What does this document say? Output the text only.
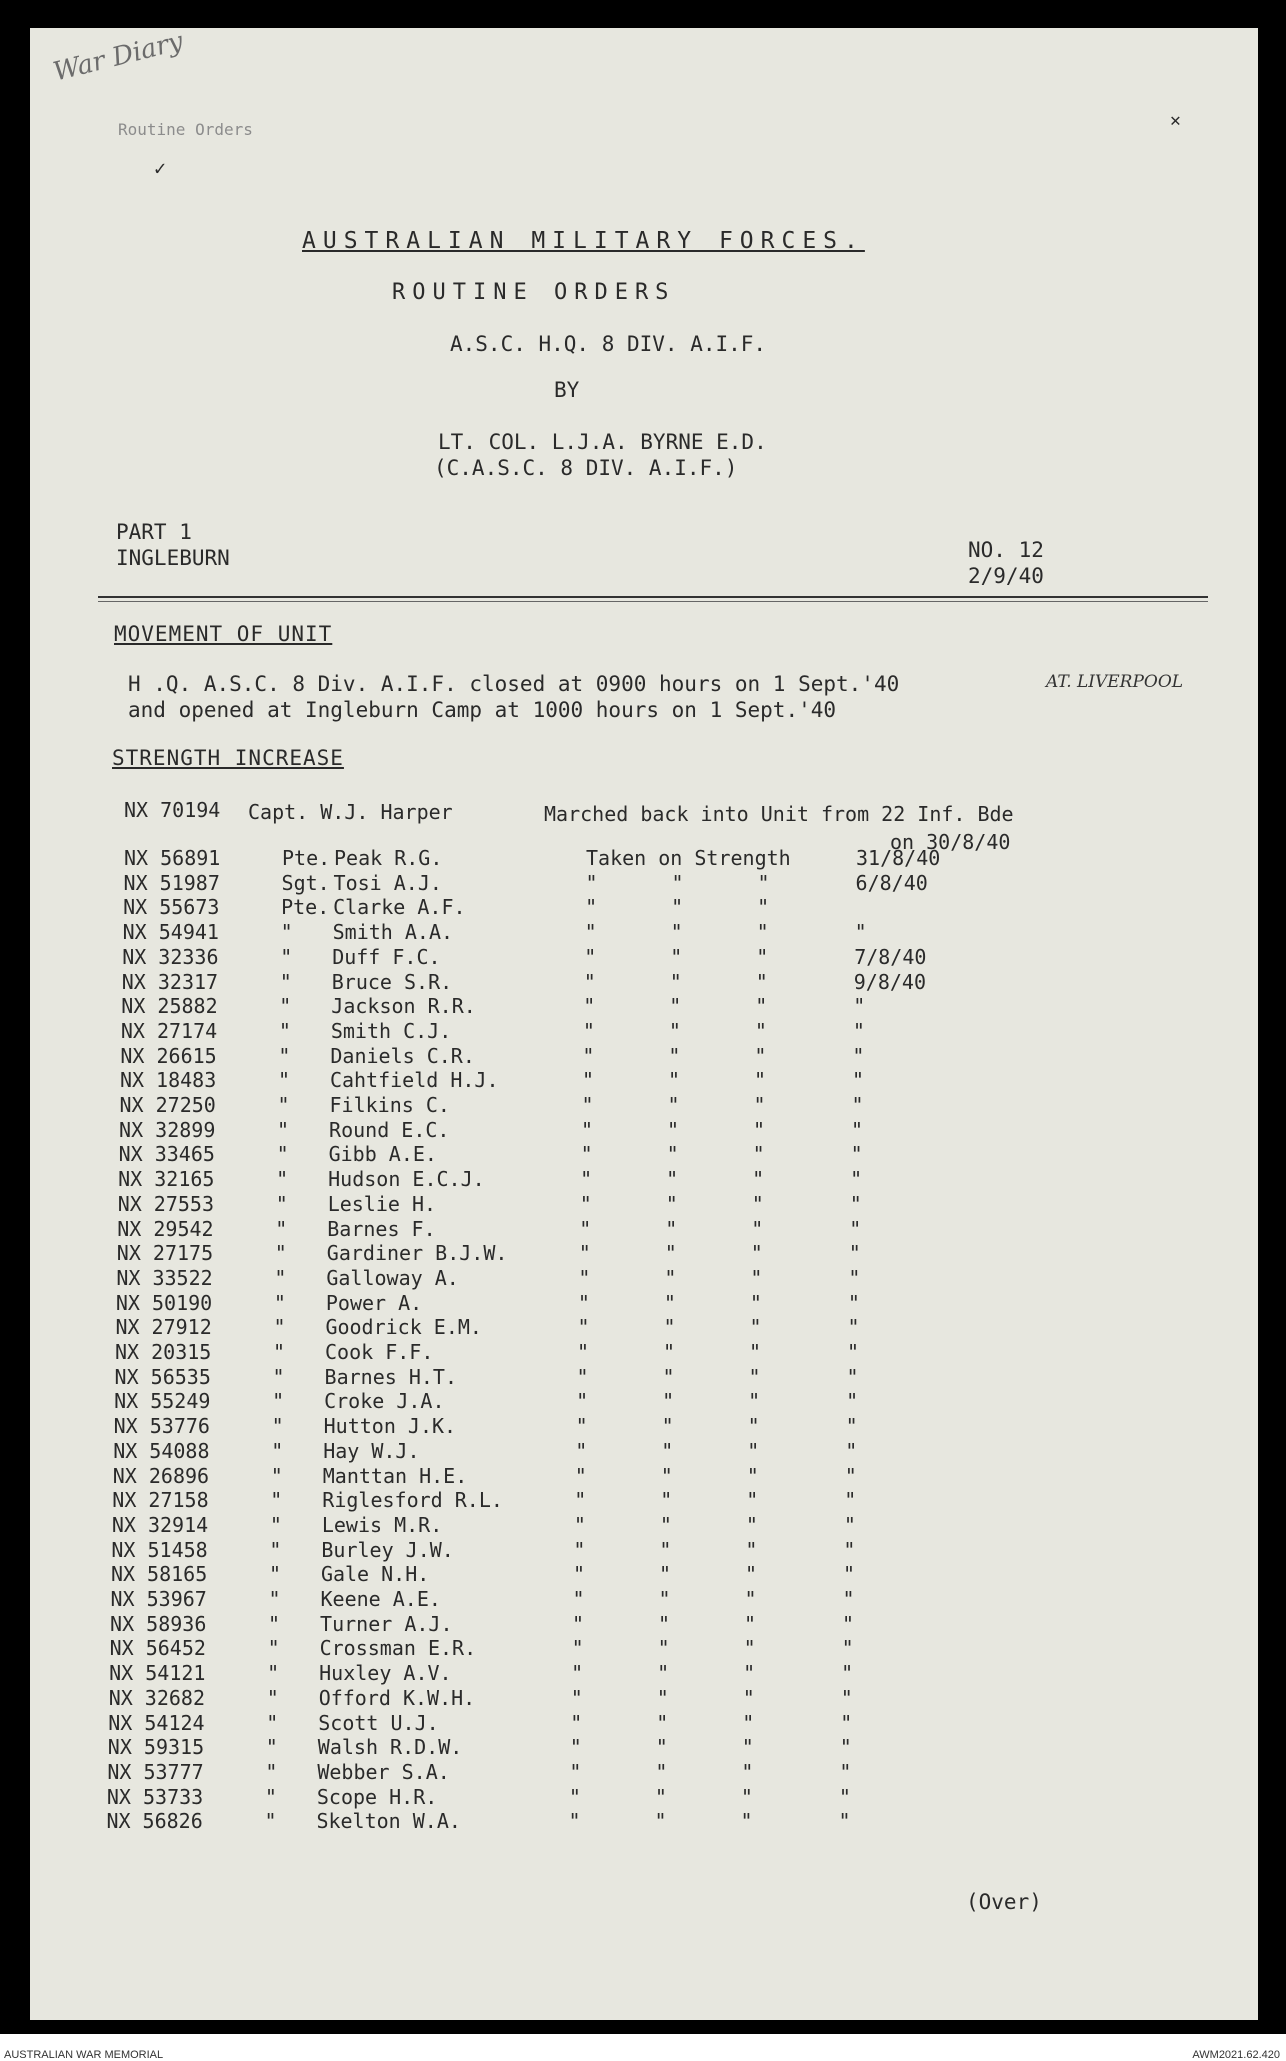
War Diary
Routine Orders	✕
✓
AUSTRALIAN MILITARY FORCES.
ROUTINE ORDERS
A.S.C. H.Q. 8 DIV. A.I.F.
BY
LT. COL. L.J.A. BYRNE E.D.
(C.A.S.C. 8 DIV. A.I.F.)
PART 1
INGLEBURN	NO. 12
2/9/40
MOVEMENT OF UNIT
H .Q. A.S.C. 8 Div. A.I.F. closed at 0900 hours on 1 Sept.'40	AT. LIVERPOOL
and opened at Ingleburn Camp at 1000 hours on 1 Sept.'40
STRENGTH INCREASE
NX 70194 Capt. W.J. Harper	Marched back into Unit from 22 Inf. Bde
on 30/8/40
NX 56891	Pte. Peak R.G.	Taken on Strength	31/8/40
NX 51987	Sgt. Tosi A.J.	"	"	"	6/8/40
NX 55673	Pte. Clarke A.F.	"	"	"
NX 54941	" Smith A.A.	"	"	"	"
NX 32336	" Duff F.C.	"	"	"	7/8/40
NX 32317	" Bruce S.R.	"	"	"	9/8/40
NX 25882	" Jackson R.R.	"	"	"	"
NX 27174	" Smith C.J.	"	"	"	"
NX 26615	" Daniels C.R.	"	"	"	"
NX 18483	" Cahtfield H.J.	"	"	"	"
NX 27250	" Filkins C.	"	"	"	"
NX 32899	" Round E.C.	"	"	"	"
NX 33465	" Gibb A.E.	"	"	"	"
NX 32165	" Hudson E.C.J.	"	"	"	"
NX 27553	" Leslie H.	"	"	"	"
NX 29542	" Barnes F.	"	"	"	"
NX 27175	" Gardiner B.J.W.	"	"	"	"
NX 33522	" Galloway A.	"	"	"	"
NX 50190	" Power A.	"	"	"	"
NX 27912	" Goodrick E.M.	"	"	"	"
NX 20315	" Cook F.F.	"	"	"	"
NX 56535	" Barnes H.T.	"	"	"	"
NX 55249	" Croke J.A.	"	"	"	"
NX 53776	" Hutton J.K.	"	"	"	"
NX 54088	" Hay W.J.	"	"	"	"
NX 26896	" Manttan H.E.	"	"	"	"
NX 27158	" Riglesford R.L.	"	"	"	"
NX 32914	" Lewis M.R.	"	"	"	"
NX 51458	" Burley J.W.	"	"	"	"
NX 58165	" Gale N.H.	"	"	"	"
NX 53967	" Keene A.E.	"	"	"	"
NX 58936	" Turner A.J.	"	"	"	"
NX 56452	" Crossman E.R.	"	"	"	"
NX 54121	" Huxley A.V.	"	"	"	"
NX 32682	" Offord K.W.H.	"	"	"	"
NX 54124	" Scott U.J.	"	"	"	"
NX 59315	" Walsh R.D.W.	"	"	"	"
NX 53777	" Webber S.A.	"	"	"	"
NX 53733	" Scope H.R.	"	"	"	"
NX 56826	" Skelton W.A.	"	"	"	"
(Over)
AUSTRALIAN WAR MEMORIAL	AWM2021.62.420
